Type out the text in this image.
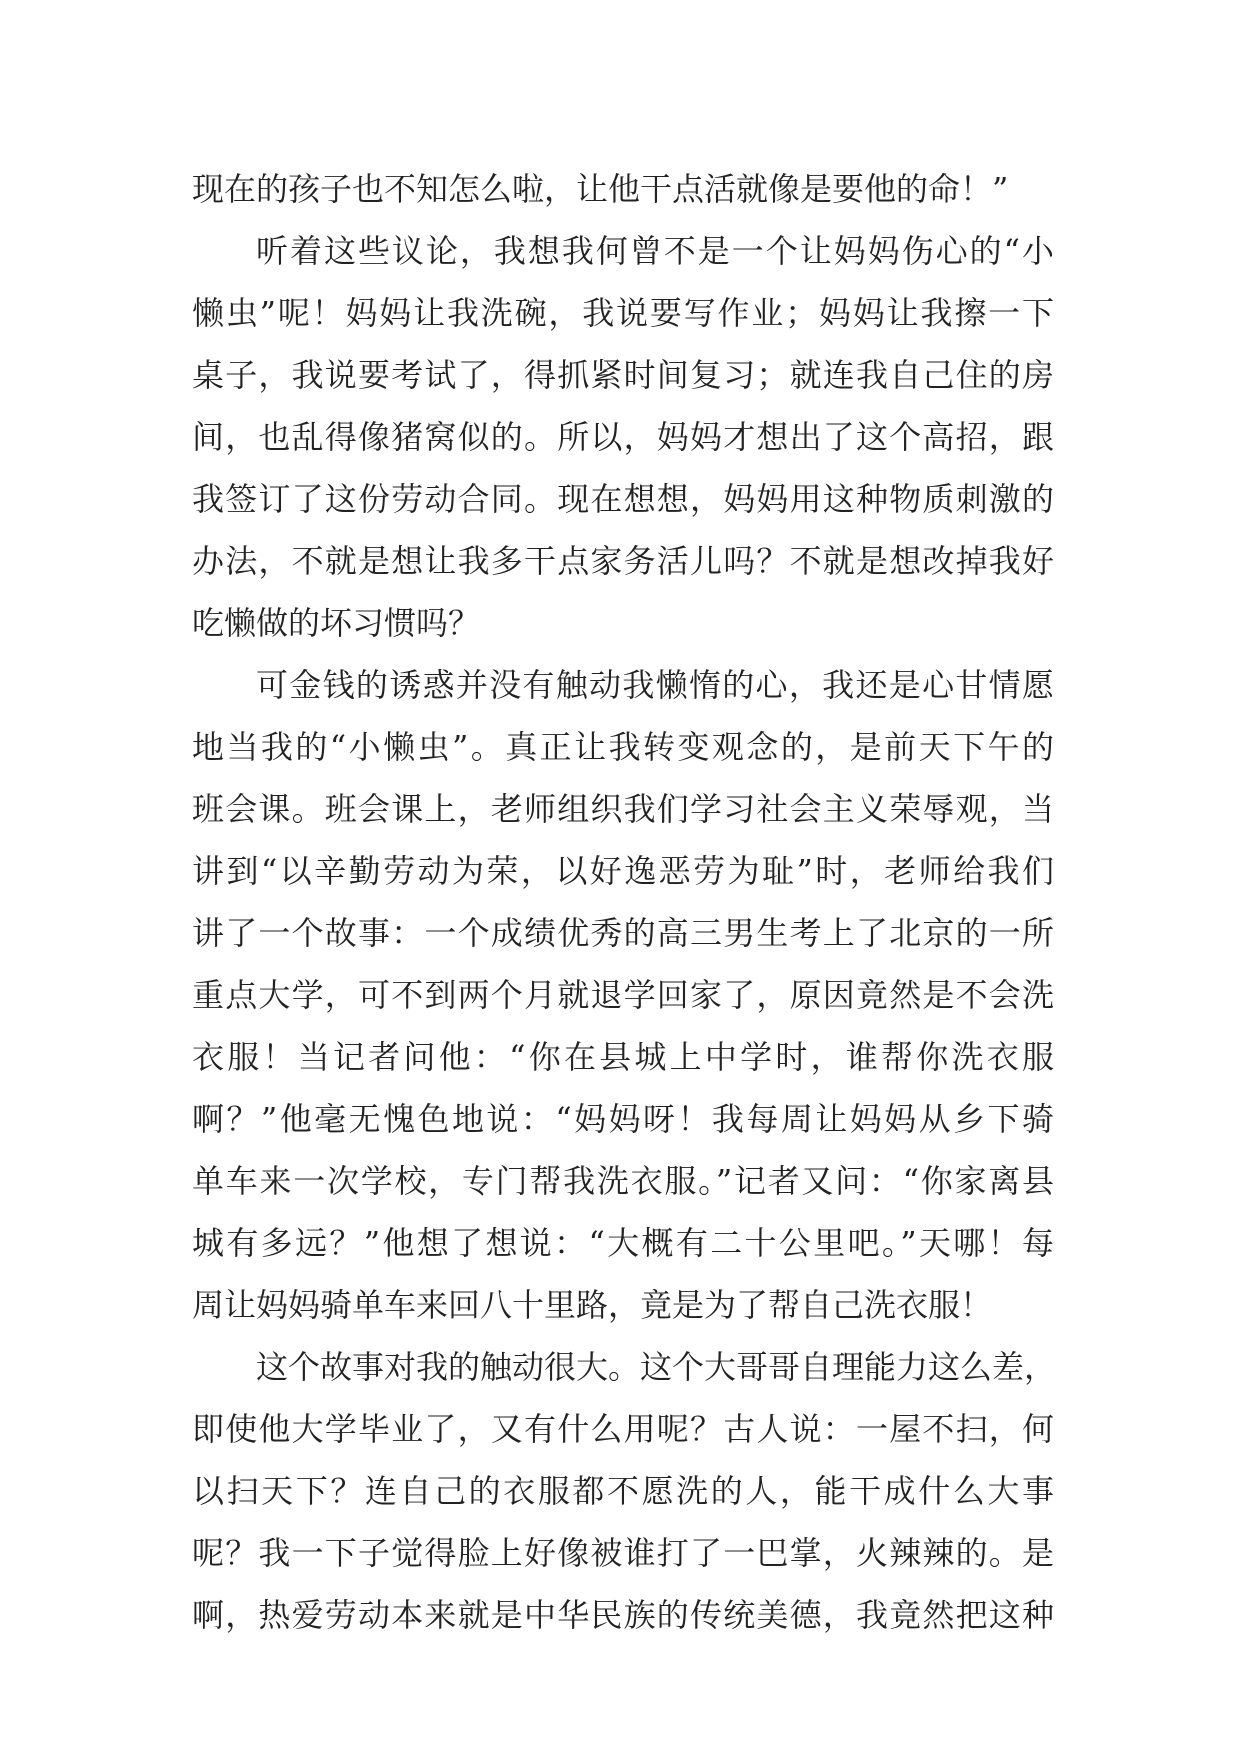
现在的孩子也不知怎么啦，让他干点活就像是要他的命！”
听着这些议论，我想我何曾不是一个让妈妈伤心的“小
懒虫”呢！妈妈让我洗碗，我说要写作业；妈妈让我擦一下
桌子，我说要考试了，得抓紧时间复习；就连我自己住的房
间，也乱得像猪窝似的。所以，妈妈才想出了这个高招，跟
我签订了这份劳动合同。现在想想，妈妈用这种物质刺激的
办法，不就是想让我多干点家务活儿吗？不就是想改掉我好
吃懒做的坏习惯吗？
可金钱的诱惑并没有触动我懒惰的心，我还是心甘情愿
地当我的“小懒虫”。真正让我转变观念的，是前天下午的
班会课。班会课上，老师组织我们学习社会主义荣辱观，当
讲到“以辛勤劳动为荣，以好逸恶劳为耻”时，老师给我们
讲了一个故事：一个成绩优秀的高三男生考上了北京的一所
重点大学，可不到两个月就退学回家了，原因竟然是不会洗
衣服！当记者问他：“你在县城上中学时，谁帮你洗衣服
啊？”他毫无愧色地说：“妈妈呀！我每周让妈妈从乡下骑
单车来一次学校，专门帮我洗衣服。”记者又问：“你家离县
城有多远？”他想了想说：“大概有二十公里吧。”天哪！每
周让妈妈骑单车来回八十里路，竟是为了帮自己洗衣服！
这个故事对我的触动很大。这个大哥哥自理能力这么差，
即使他大学毕业了，又有什么用呢？古人说：一屋不扫，何
以扫天下？连自己的衣服都不愿洗的人，能干成什么大事
呢？我一下子觉得脸上好像被谁打了一巴掌，火辣辣的。是
啊，热爱劳动本来就是中华民族的传统美德，我竟然把这种
